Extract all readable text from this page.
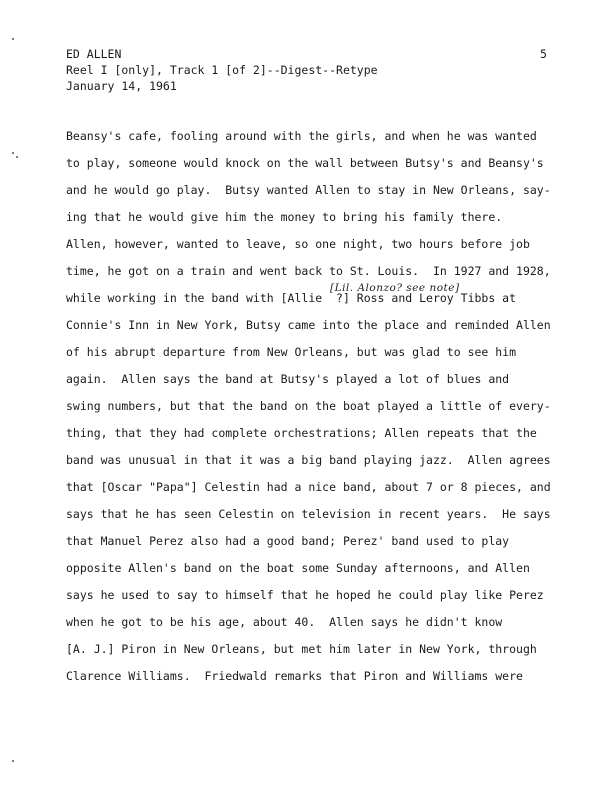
ED ALLEN
Reel I [only], Track 1 [of 2]--Digest--Retype
January 14, 1961
5
[Lil. Alonzo? see note]
Beansy's cafe, fooling around with the girls, and when he was wanted
to play, someone would knock on the wall between Butsy's and Beansy's
and he would go play.  Butsy wanted Allen to stay in New Orleans, say-
ing that he would give him the money to bring his family there.
Allen, however, wanted to leave, so one night, two hours before job
time, he got on a train and went back to St. Louis.  In 1927 and 1928,
while working in the band with [Allie  ?] Ross and Leroy Tibbs at
Connie's Inn in New York, Butsy came into the place and reminded Allen
of his abrupt departure from New Orleans, but was glad to see him
again.  Allen says the band at Butsy's played a lot of blues and
swing numbers, but that the band on the boat played a little of every-
thing, that they had complete orchestrations; Allen repeats that the
band was unusual in that it was a big band playing jazz.  Allen agrees
that [Oscar "Papa"] Celestin had a nice band, about 7 or 8 pieces, and
says that he has seen Celestin on television in recent years.  He says
that Manuel Perez also had a good band; Perez' band used to play
opposite Allen's band on the boat some Sunday afternoons, and Allen
says he used to say to himself that he hoped he could play like Perez
when he got to be his age, about 40.  Allen says he didn't know
[A. J.] Piron in New Orleans, but met him later in New York, through
Clarence Williams.  Friedwald remarks that Piron and Williams were
